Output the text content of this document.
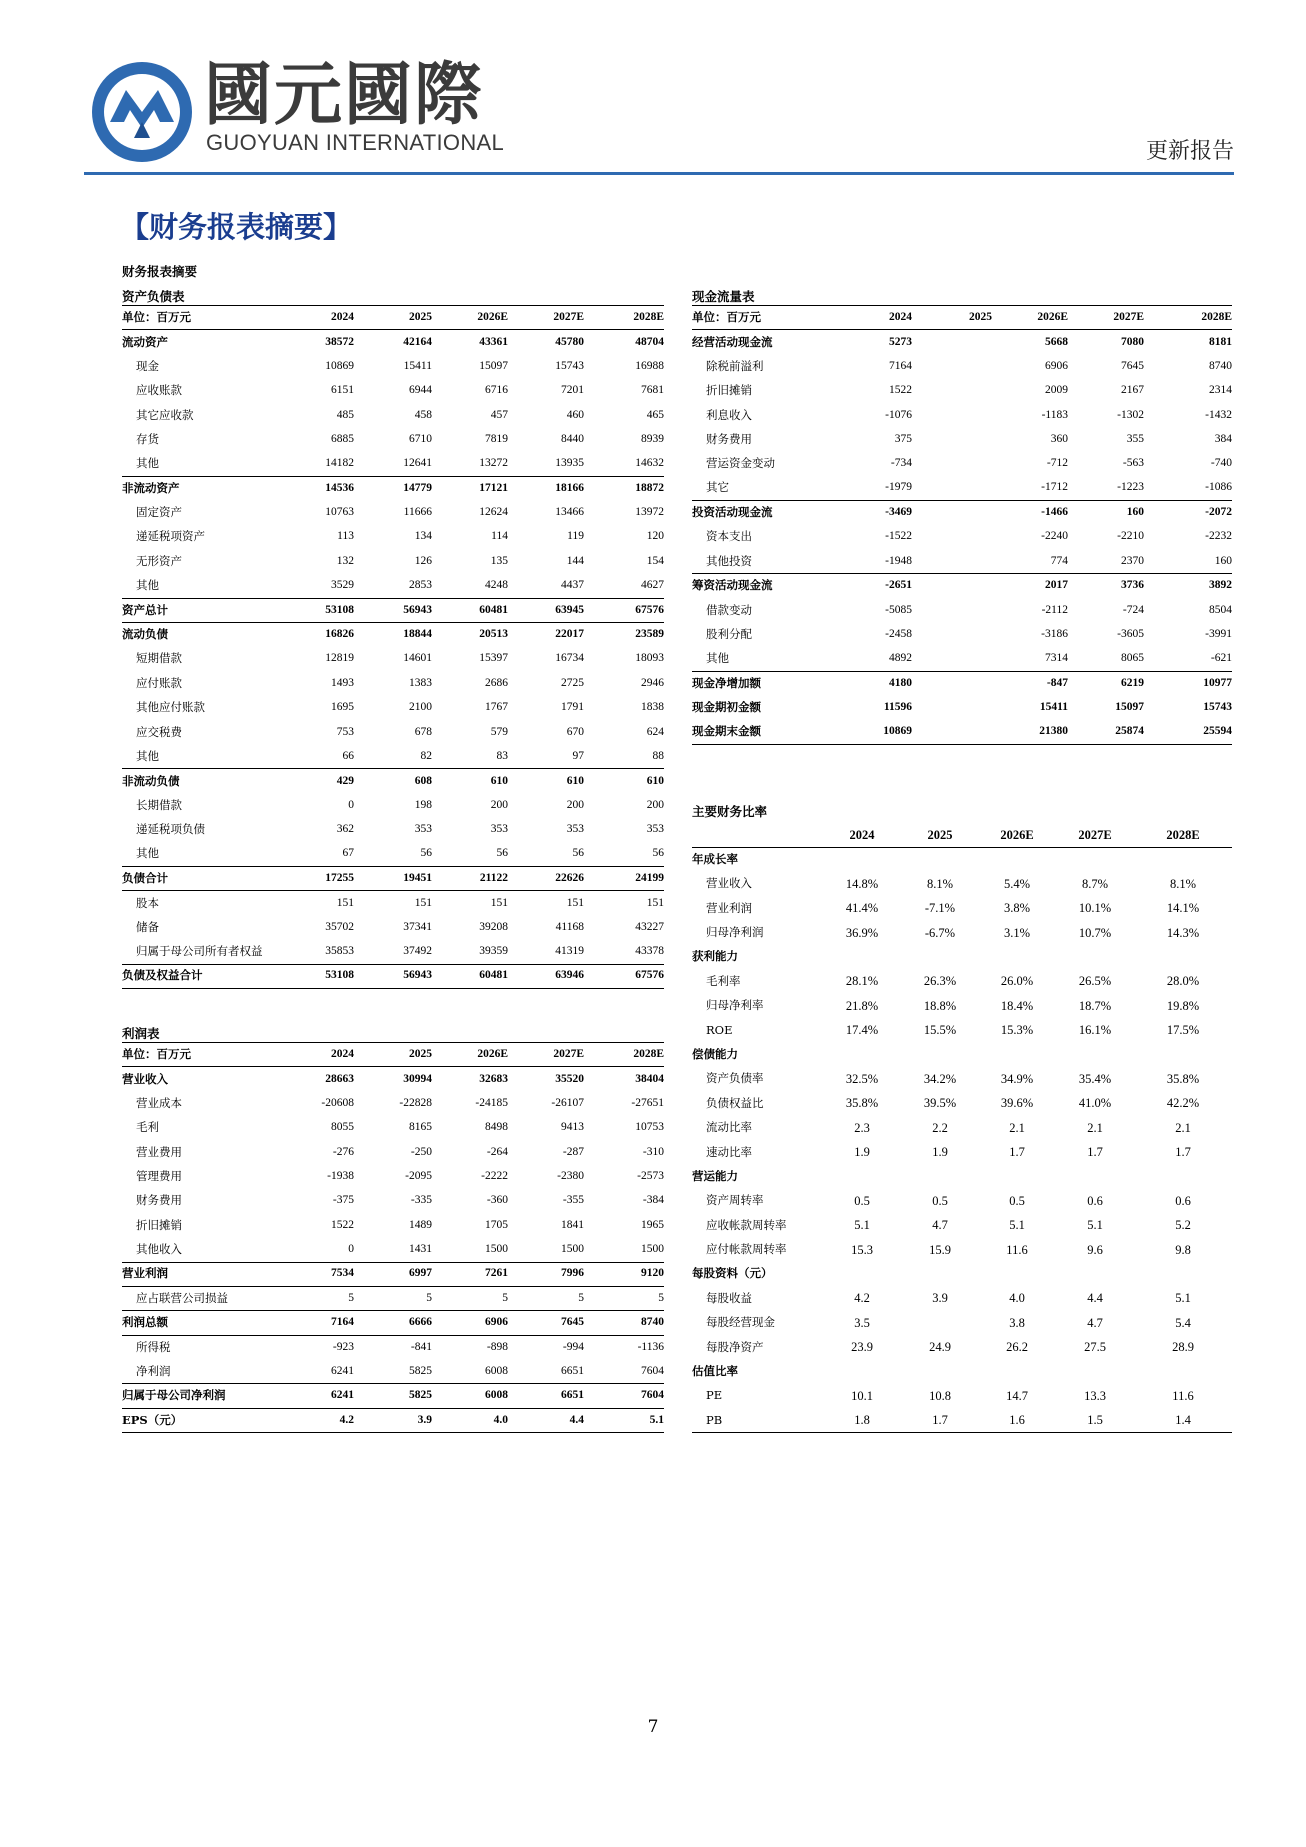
國元國際
GUOYUAN INTERNATIONAL	更新报告
【财务报表摘要】
财务报表摘要
资产负债表
单位：百万元	2024	2025	2026E	2027E	2028E
流动资产	38572	42164	43361	45780	48704
现金	10869	15411	15097	15743	16988
应收账款	6151	6944	6716	7201	7681
其它应收款	485	458	457	460	465
存货	6885	6710	7819	8440	8939
其他	14182	12641	13272	13935	14632
非流动资产	14536	14779	17121	18166	18872
固定资产	10763	11666	12624	13466	13972
递延税项资产	113	134	114	119	120
无形资产	132	126	135	144	154
其他	3529	2853	4248	4437	4627
资产总计	53108	56943	60481	63945	67576
流动负债	16826	18844	20513	22017	23589
短期借款	12819	14601	15397	16734	18093
应付账款	1493	1383	2686	2725	2946
其他应付账款	1695	2100	1767	1791	1838
应交税费	753	678	579	670	624
其他	66	82	83	97	88
非流动负债	429	608	610	610	610
长期借款	0	198	200	200	200
递延税项负债	362	353	353	353	353
其他	67	56	56	56	56
负债合计	17255	19451	21122	22626	24199
股本	151	151	151	151	151
储备	35702	37341	39208	41168	43227
归属于母公司所有者权益	35853	37492	39359	41319	43378
负债及权益合计	53108	56943	60481	63946	67576
利润表
单位：百万元	2024	2025	2026E	2027E	2028E
营业收入	28663	30994	32683	35520	38404
营业成本	-20608	-22828	-24185	-26107	-27651
毛利	8055	8165	8498	9413	10753
营业费用	-276	-250	-264	-287	-310
管理费用	-1938	-2095	-2222	-2380	-2573
财务费用	-375	-335	-360	-355	-384
折旧摊销	1522	1489	1705	1841	1965
其他收入	0	1431	1500	1500	1500
营业利润	7534	6997	7261	7996	9120
应占联营公司损益	5	5	5	5	5
利润总额	7164	6666	6906	7645	8740
所得税	-923	-841	-898	-994	-1136
净利润	6241	5825	6008	6651	7604
归属于母公司净利润	6241	5825	6008	6651	7604
EPS（元）	4.2	3.9	4.0	4.4	5.1
现金流量表
单位：百万元	2024	2025	2026E	2027E	2028E
经营活动现金流	5273		5668	7080	8181
除税前溢利	7164		6906	7645	8740
折旧摊销	1522		2009	2167	2314
利息收入	-1076		-1183	-1302	-1432
财务费用	375		360	355	384
营运资金变动	-734		-712	-563	-740
其它	-1979		-1712	-1223	-1086
投资活动现金流	-3469		-1466	160	-2072
资本支出	-1522		-2240	-2210	-2232
其他投资	-1948		774	2370	160
筹资活动现金流	-2651		2017	3736	3892
借款变动	-5085		-2112	-724	8504
股利分配	-2458		-3186	-3605	-3991
其他	4892		7314	8065	-621
现金净增加额	4180		-847	6219	10977
现金期初金额	11596		15411	15097	15743
现金期末金额	10869		21380	25874	25594
主要财务比率
	2024	2025	2026E	2027E	2028E
年成长率					
营业收入	14.8%	8.1%	5.4%	8.7%	8.1%
营业利润	41.4%	-7.1%	3.8%	10.1%	14.1%
归母净利润	36.9%	-6.7%	3.1%	10.7%	14.3%
获利能力					
毛利率	28.1%	26.3%	26.0%	26.5%	28.0%
归母净利率	21.8%	18.8%	18.4%	18.7%	19.8%
ROE	17.4%	15.5%	15.3%	16.1%	17.5%
偿债能力					
资产负债率	32.5%	34.2%	34.9%	35.4%	35.8%
负债权益比	35.8%	39.5%	39.6%	41.0%	42.2%
流动比率	2.3	2.2	2.1	2.1	2.1
速动比率	1.9	1.9	1.7	1.7	1.7
营运能力					
资产周转率	0.5	0.5	0.5	0.6	0.6
应收帐款周转率	5.1	4.7	5.1	5.1	5.2
应付帐款周转率	15.3	15.9	11.6	9.6	9.8
每股资料（元）					
每股收益	4.2	3.9	4.0	4.4	5.1
每股经营现金	3.5		3.8	4.7	5.4
每股净资产	23.9	24.9	26.2	27.5	28.9
估值比率					
PE	10.1	10.8	14.7	13.3	11.6
PB	1.8	1.7	1.6	1.5	1.4
7
